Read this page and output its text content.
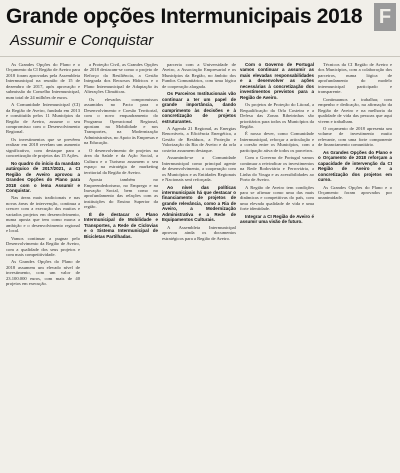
Grande opções Intermunicipais 2018
Assumir e Conquistar
F

As Grandes Opções do Plano e o Orçamento da CI Região de Aveiro para 2018 foram aprovadas pela Assembleia Intermunicipal na reunião de 15 de dezembro de 2017, após aprovação e submissão do Conselho Intermunicipal, num total de 24 milhões de euros.

A Comunidade Intermunicipal (CI) da Região de Aveiro, fundada em 2013 e constituída pelos 11 Municípios da Região de Aveiro, assume o seu compromisso com o Desenvolvimento Regional.

Os investimentos que se prevêem realizar em 2018 revelam um aumento significativo, com destaque para a concretização de projetos das 15 Ações.

No quadro do início da mandato autárquico de 2017/2021, a CI Região de Aveiro aprovou a Grandes Opções do Plano para 2018 com o lema Assumir e Conquistar.

Nas áreas mais tradicionais e nas novas áreas de intervenção, continua a crescer com a execução dos muitos e variados projetos em desenvolvimento, numa aposta que tem como marca a ambição e o desenvolvimento regional e local.

Vamos continuar a pugnar pelo Desenvolvimento da Região de Aveiro, com a qualidade dos seus projetos e com mais competitividade.

As Grandes Opções do Plano de 2018 assumem um elevado nível de investimento, com um valor de 23.100.000 euros, com mais de 40 projetos em execução.

a Proteção Civil, as Grandes Opções de 2018 destacam-se como o projeto de Reforço da Resiliência, a Gestão Integrada dos Recursos Hídricos e o Plano Intermunicipal de Adaptação às Alterações Climáticas.

Os elevados compromissos assumidos no Pacto para o Desenvolvimento e Coesão Territorial, com o novo enquadramento do Programa Operacional Regional, apostam na Mobilidade e nos Transportes, na Modernização Administrativa, no Apoio às Empresas e na Educação.

O desenvolvimento de projetos na área da Saúde e da Ação Social, a Cultura e o Turismo assumem o seu espaço na estratégia de marketing territorial da Região de Aveiro.

Aposta também no Empreendedorismo, no Emprego e na Inovação Social, bem como no aprofundamento das relações com as instituições do Ensino Superior da região.

É de destacar o Plano Intermunicipal de Mobilidade e Transportes, a Rede de Ciclovias e o Sistema Intermunicipal de Bicicletas Partilhadas.

parceria com a Universidade de Aveiro, a Associação Empresarial e os Municípios da Região, no âmbito dos Fundos Comunitários, com uma lógica de cooperação alargada.

Os Parceiros Institucionais vão continuar a ter um papel de grande importância, dando cumprimento às decisões e à concretização de projetos estruturantes.

A Agenda 21 Regional, as Energias Renováveis, a Eficiência Energética, a Gestão de Resíduos, a Proteção e Valorização da Ria de Aveiro e da orla costeira assumem destaque.

Assumindo-se a Comunidade Intermunicipal como principal agente de desenvolvimento, a cooperação com os Municípios e as Entidades Regionais e Nacionais será reforçada.

Ao nível das políticas intermunicipais há que destacar o financiamento de projetos de grande relevância, como a Ria de Aveiro, a Modernização Administrativa e a Rede de Equipamentos Culturais.

A Assembleia Intermunicipal aprovou ainda os documentos estratégicos para a Região de Aveiro.

Com o Governo de Portugal vamos continuar a assumir as mais elevadas responsabilidades e a desenvolver as ações necessárias à concretização dos investimentos previstos para a Região de Aveiro.

Os projetos de Proteção do Litoral, a Requalificação da Orla Costeira e a Defesa das Zonas Ribeirinhas são prioritários para todos os Municípios da Região.

É nosso dever, como Comunidade Intermunicipal, reforçar a articulação e a coesão entre os Municípios, com a participação ativa de todos os parceiros.

Com o Governo de Portugal vamos continuar a reivindicar os investimentos na Rede Rodoviária e Ferroviária, a Linha do Vouga e as acessibilidades ao Porto de Aveiro.

A Região de Aveiro tem condições para se afirmar como uma das mais dinâmicas e competitivas do país, com uma elevada qualidade de vida e uma forte identidade.

Integrar a CI Região de Aveiro é assumir uma visão de futuro.

Técnicos da CI Região de Aveiro e dos Municípios, com a colaboração dos parceiros, numa lógica de aprofundamento do modelo intermunicipal participado e transparente.

Continuamos a trabalhar, com empenho e dedicação, na afirmação da Região de Aveiro e na melhoria da qualidade de vida das pessoas que aqui vivem e trabalham.

O orçamento de 2018 apresenta um volume de investimento muito relevante, com uma forte componente de financiamento comunitário.

As Grandes Opções do Plano e o Orçamento de 2018 reforçam a capacidade de intervenção da CI Região de Aveiro e a concretização dos projetos em curso.

As Grandes Opções do Plano e o Orçamento foram aprovados por unanimidade.
